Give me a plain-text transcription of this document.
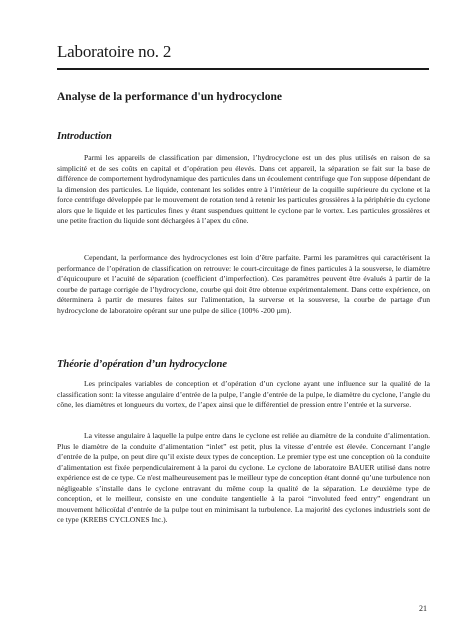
Laboratoire no. 2
Analyse de la performance d'un hydrocyclone
Introduction

Parmi les appareils de classification par dimension, l’hydrocyclone est un des plus utilisés en raison de sa simplicité et de ses coûts en capital et d’opération peu élevés. Dans cet appareil, la séparation se fait sur la base de différence de comportement hydrodynamique des particules dans un écoulement centrifuge que l'on suppose dépendant de la dimension des particules. Le liquide, contenant les solides entre à l’intérieur de la coquille supérieure du cyclone et la force centrifuge développée par le mouvement de rotation tend à retenir les particules grossières à la périphérie du cyclone alors que le liquide et les particules fines y étant suspendues quittent le cyclone par le vortex. Les particules grossières et une petite fraction du liquide sont déchargées à l’apex du cône.

Cependant, la performance des hydrocyclones est loin d’être parfaite. Parmi les paramètres qui caractérisent la performance de l’opération de classification on retrouve: le court-circuitage de fines particules à la sousverse, le diamètre d’équicoupure et l’acuité de séparation (coefficient d’imperfection). Ces paramètres peuvent être évalués à partir de la courbe de partage corrigée de l’hydrocyclone, courbe qui doit être obtenue expérimentalement. Dans cette expérience, on déterminera à partir de mesures faites sur l'alimentation, la surverse et la sousverse, la courbe de partage d'un hydrocyclone de laboratoire opérant sur une pulpe de silice (100% -200 µm).

Théorie d’opération d’un hydrocyclone

Les principales variables de conception et d’opération d’un cyclone ayant une influence sur la qualité de la classification sont: la vitesse angulaire d’entrée de la pulpe, l’angle d’entrée de la pulpe, le diamètre du cyclone, l’angle du cône, les diamètres et longueurs du vortex, de l’apex ainsi que le différentiel de pression entre l’entrée et la surverse.

La vitesse angulaire à laquelle la pulpe entre dans le cyclone est reliée au diamètre de la conduite d’alimentation. Plus le diamètre de la conduite d’alimentation “inlet” est petit, plus la vitesse d’entrée est élevée. Concernant l’angle d’entrée de la pulpe, on peut dire qu’il existe deux types de conception. Le premier type est une conception où la conduite d’alimentation est fixée perpendiculairement à la paroi du cyclone. Le cyclone de laboratoire BAUER utilisé dans notre expérience est de ce type. Ce n'est malheureusement pas le meilleur type de conception étant donné qu’une turbulence non négligeable s’installe dans le cyclone entravant du même coup la qualité de la séparation. Le deuxième type de conception, et le meilleur, consiste en une conduite tangentielle à la paroi “involuted feed entry” engendrant un mouvement hélicoïdal d’entrée de la pulpe tout en minimisant la turbulence. La majorité des cyclones industriels sont de ce type (KREBS CYCLONES Inc.).

21
